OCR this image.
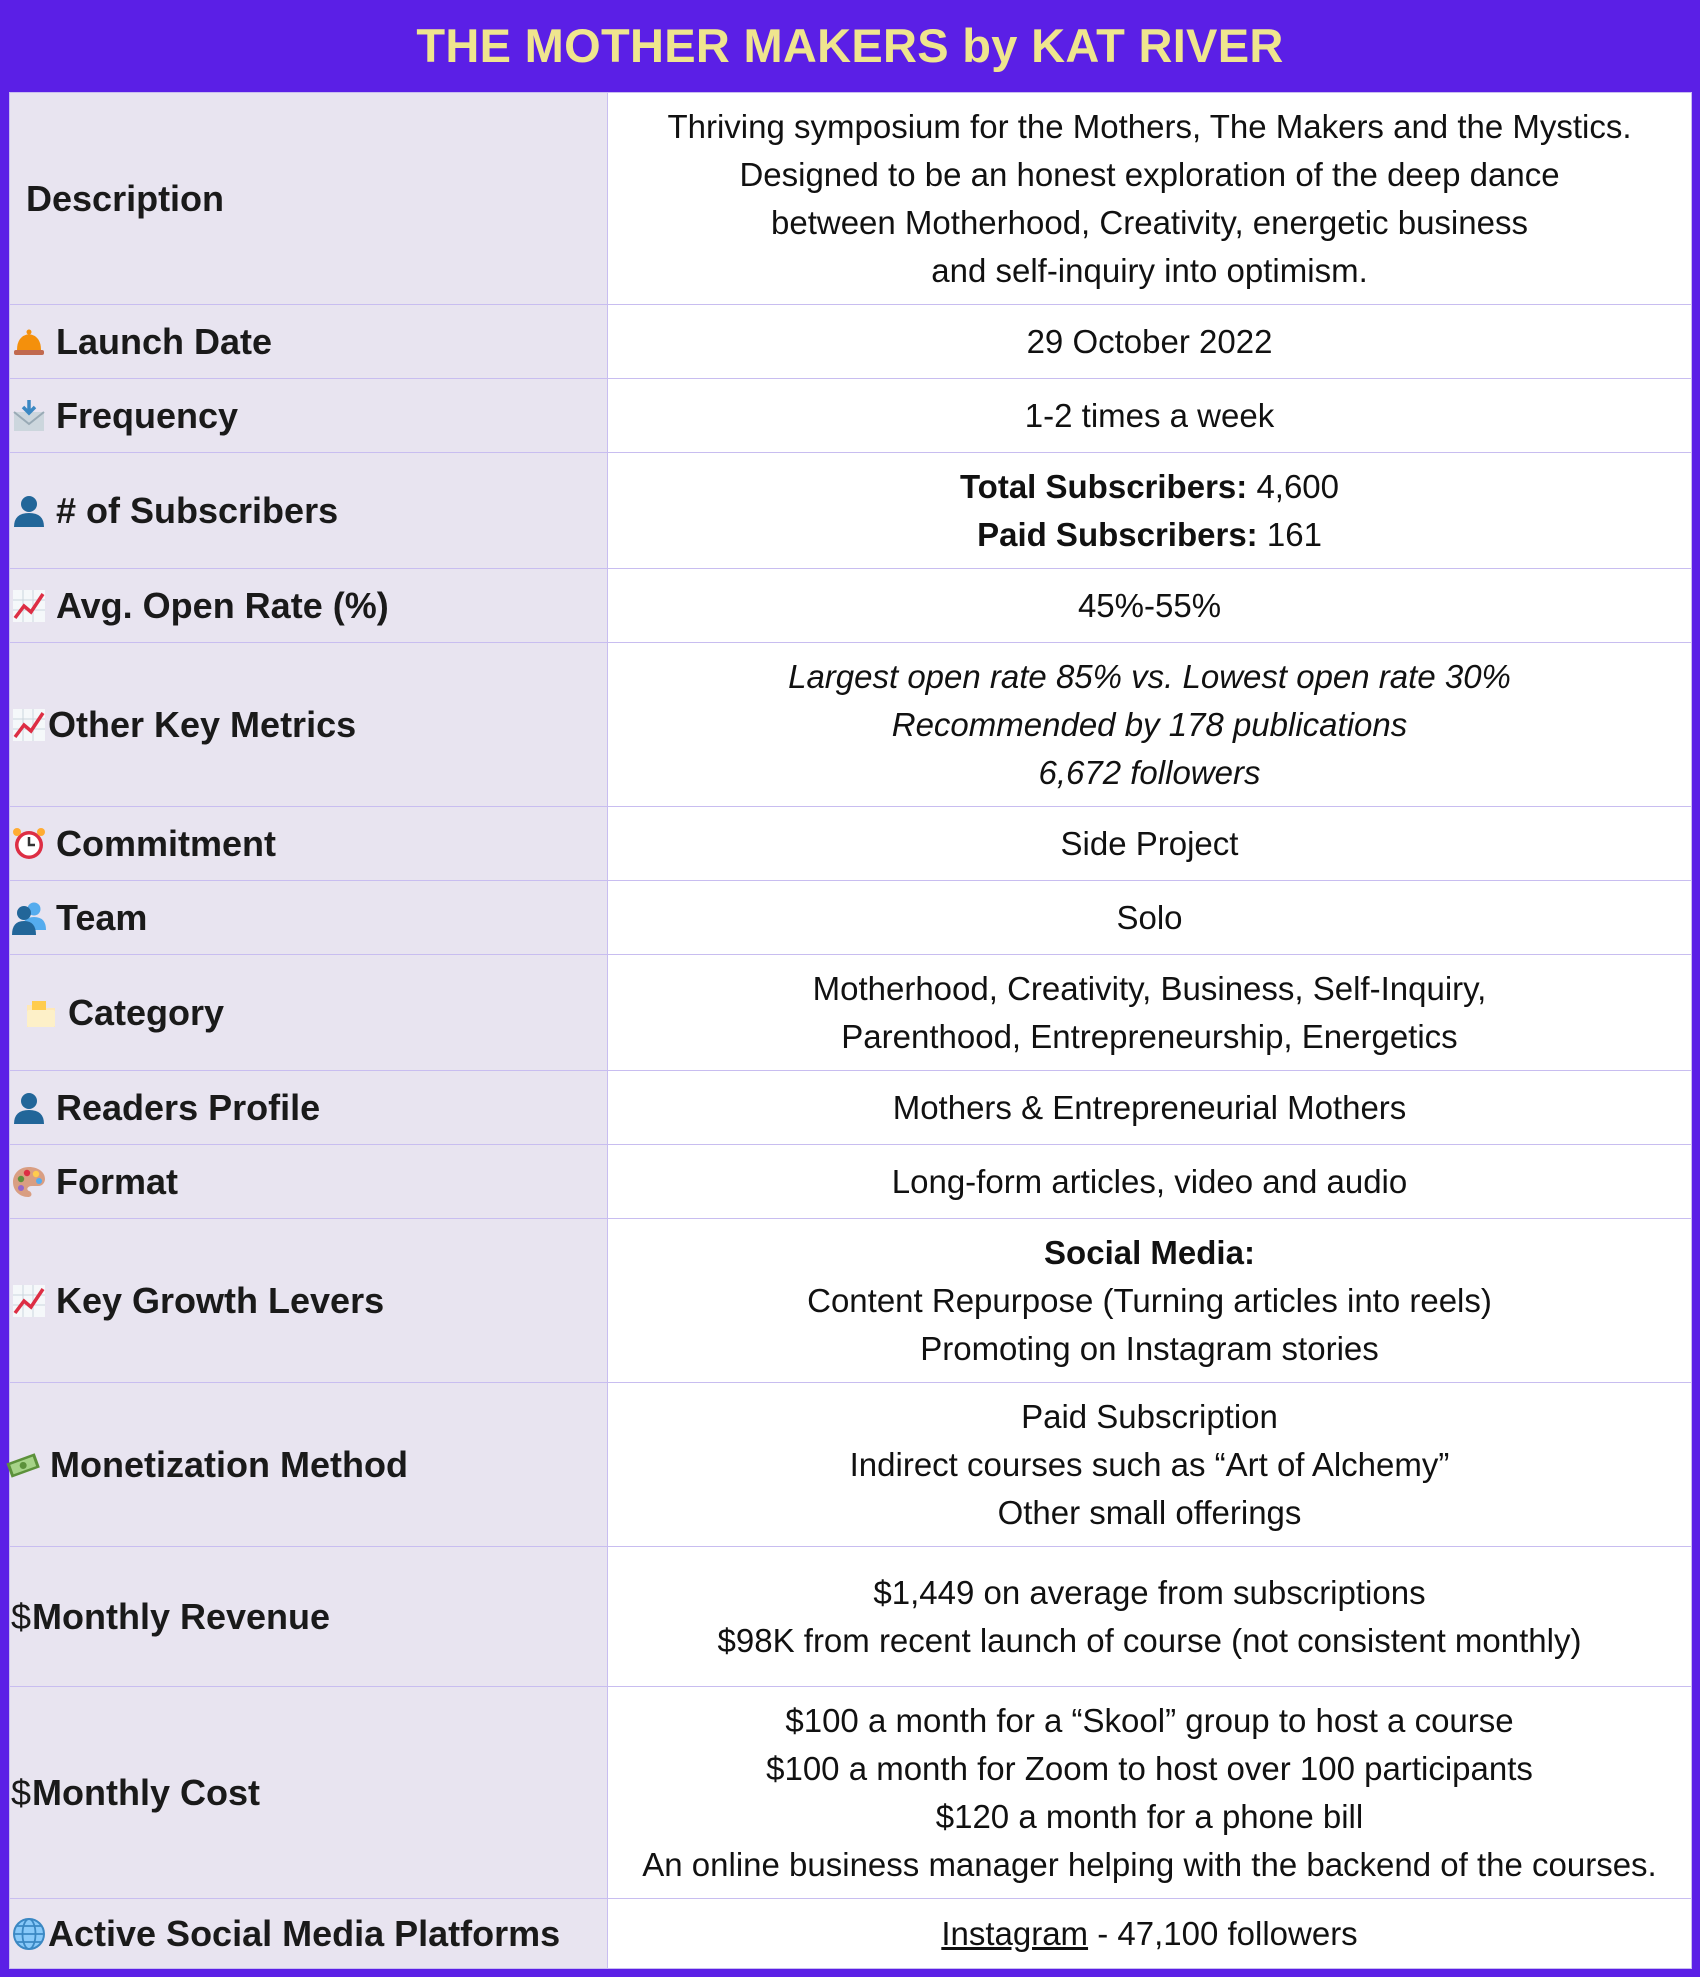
THE MOTHER MAKERS by KAT RIVER
Description	Thriving symposium for the Mothers, The Makers and the Mystics.
Designed to be an honest exploration of the deep dance
between Motherhood, Creativity, energetic business
and self-inquiry into optimism.

Launch Date	29 October 2022

Frequency	1-2 times a week

# of Subscribers	Total Subscribers: 4,600
Paid Subscribers: 161

Avg. Open Rate (%)	45%-55%

Other Key Metrics	Largest open rate 85% vs. Lowest open rate 30%
Recommended by 178 publications
6,672 followers

Commitment	Side Project

Team	Solo

Category	Motherhood, Creativity, Business, Self-Inquiry,
Parenthood, Entrepreneurship, Energetics

Readers Profile	Mothers & Entrepreneurial Mothers

Format	Long-form articles, video and audio

Key Growth Levers	Social Media:
Content Repurpose (Turning articles into reels)
Promoting on Instagram stories

Monetization Method	Paid Subscription
Indirect courses such as “Art of Alchemy”
Other small offerings

$ Monthly Revenue	$1,449 on average from subscriptions
$98K from recent launch of course (not consistent monthly)

$ Monthly Cost	$100 a month for a “Skool” group to host a course
$100 a month for Zoom to host over 100 participants
$120 a month for a phone bill
An online business manager helping with the backend of the courses.

Active Social Media Platforms	Instagram - 47,100 followers
